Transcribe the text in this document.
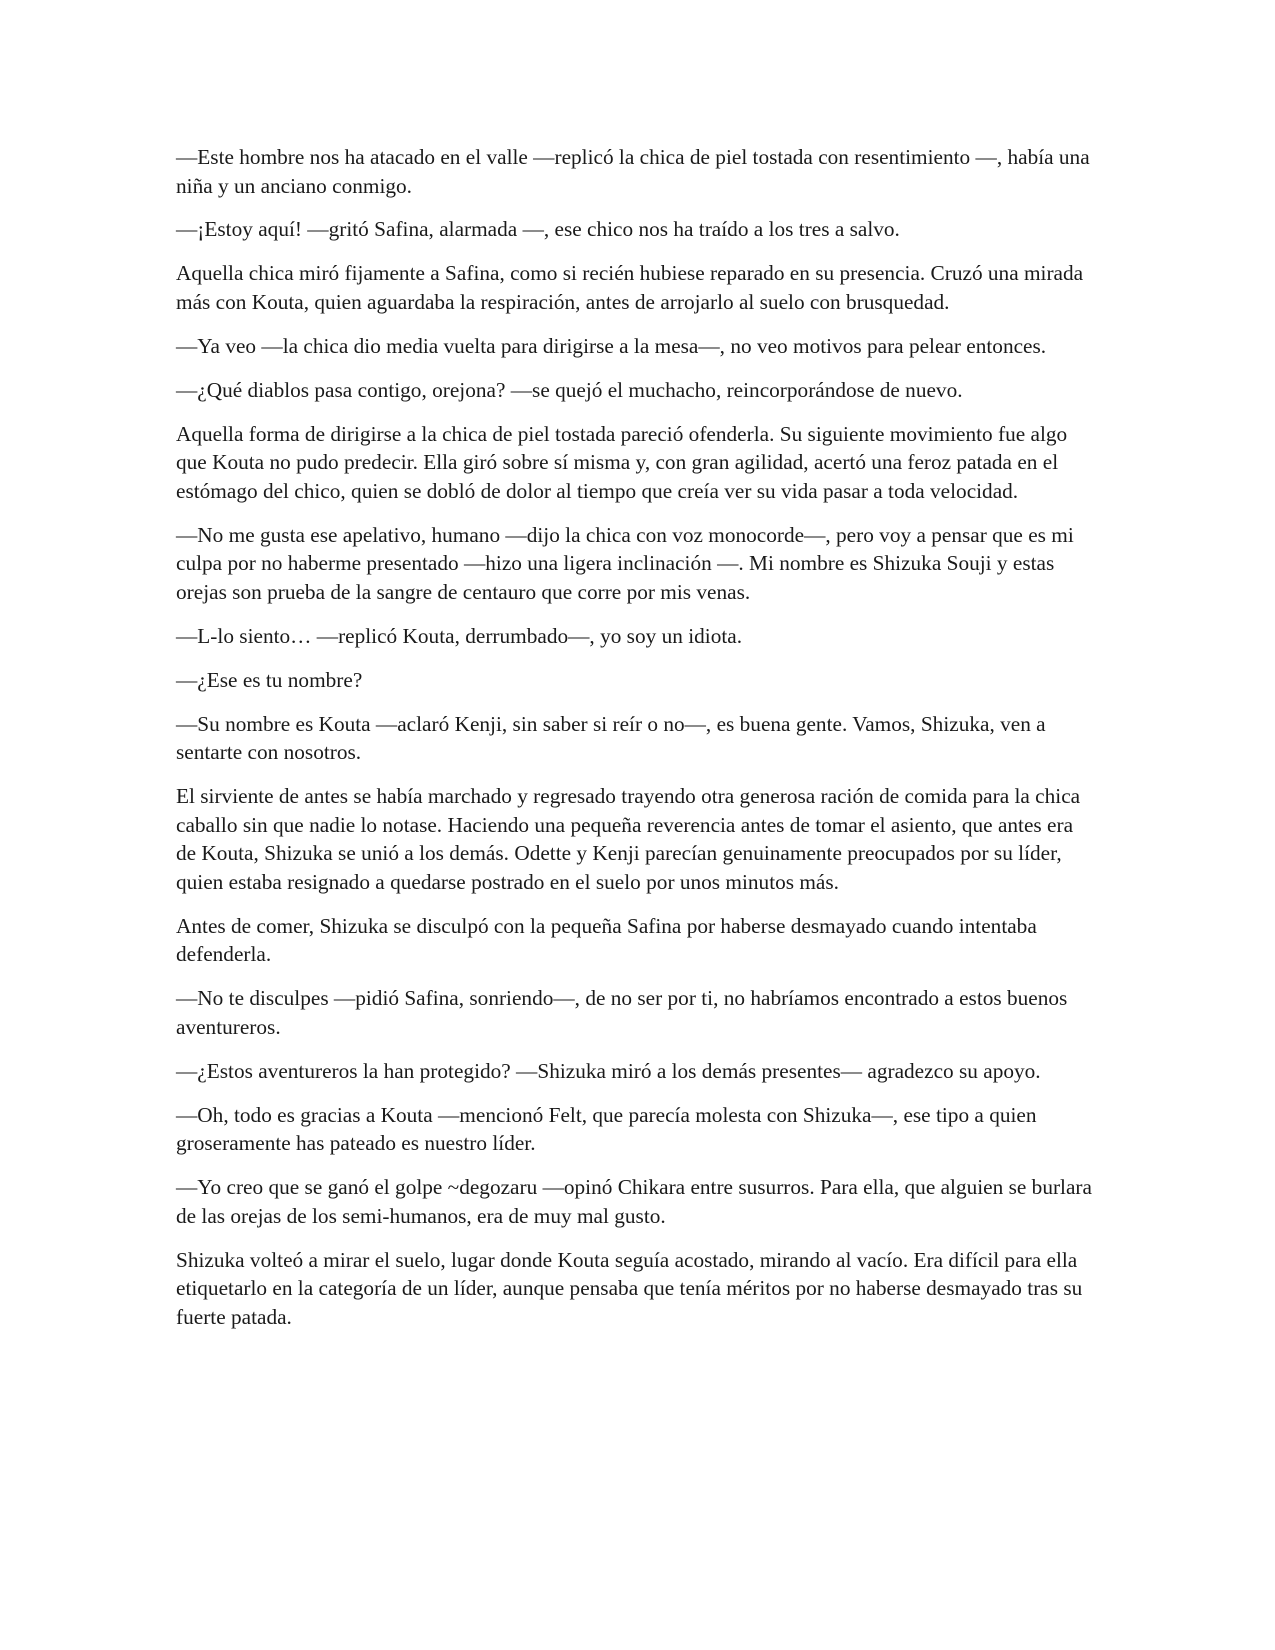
—Este hombre nos ha atacado en el valle —replicó la chica de piel tostada con resentimiento —, había una niña y un anciano conmigo.

—¡Estoy aquí! —gritó Safina, alarmada —, ese chico nos ha traído a los tres a salvo.

Aquella chica miró fijamente a Safina, como si recién hubiese reparado en su presencia. Cruzó una mirada más con Kouta, quien aguardaba la respiración, antes de arrojarlo al suelo con brusquedad.

—Ya veo —la chica dio media vuelta para dirigirse a la mesa—, no veo motivos para pelear entonces.

—¿Qué diablos pasa contigo, orejona? —se quejó el muchacho, reincorporándose de nuevo.

Aquella forma de dirigirse a la chica de piel tostada pareció ofenderla. Su siguiente movimiento fue algo que Kouta no pudo predecir. Ella giró sobre sí misma y, con gran agilidad, acertó una feroz patada en el estómago del chico, quien se dobló de dolor al tiempo que creía ver su vida pasar a toda velocidad.

—No me gusta ese apelativo, humano —dijo la chica con voz monocorde—, pero voy a pensar que es mi culpa por no haberme presentado —hizo una ligera inclinación —. Mi nombre es Shizuka Souji y estas orejas son prueba de la sangre de centauro que corre por mis venas.

—L-lo siento… —replicó Kouta, derrumbado—, yo soy un idiota.

—¿Ese es tu nombre?

—Su nombre es Kouta —aclaró Kenji, sin saber si reír o no—, es buena gente. Vamos, Shizuka, ven a sentarte con nosotros.

El sirviente de antes se había marchado y regresado trayendo otra generosa ración de comida para la chica caballo sin que nadie lo notase. Haciendo una pequeña reverencia antes de tomar el asiento, que antes era de Kouta, Shizuka se unió a los demás. Odette y Kenji parecían genuinamente preocupados por su líder, quien estaba resignado a quedarse postrado en el suelo por unos minutos más.

Antes de comer, Shizuka se disculpó con la pequeña Safina por haberse desmayado cuando intentaba defenderla.

—No te disculpes —pidió Safina, sonriendo—, de no ser por ti, no habríamos encontrado a estos buenos aventureros.

—¿Estos aventureros la han protegido? —Shizuka miró a los demás presentes— agradezco su apoyo.

—Oh, todo es gracias a Kouta —mencionó Felt, que parecía molesta con Shizuka—, ese tipo a quien groseramente has pateado es nuestro líder.

—Yo creo que se ganó el golpe ~degozaru —opinó Chikara entre susurros. Para ella, que alguien se burlara de las orejas de los semi-humanos, era de muy mal gusto.

Shizuka volteó a mirar el suelo, lugar donde Kouta seguía acostado, mirando al vacío. Era difícil para ella etiquetarlo en la categoría de un líder, aunque pensaba que tenía méritos por no haberse desmayado tras su fuerte patada.
